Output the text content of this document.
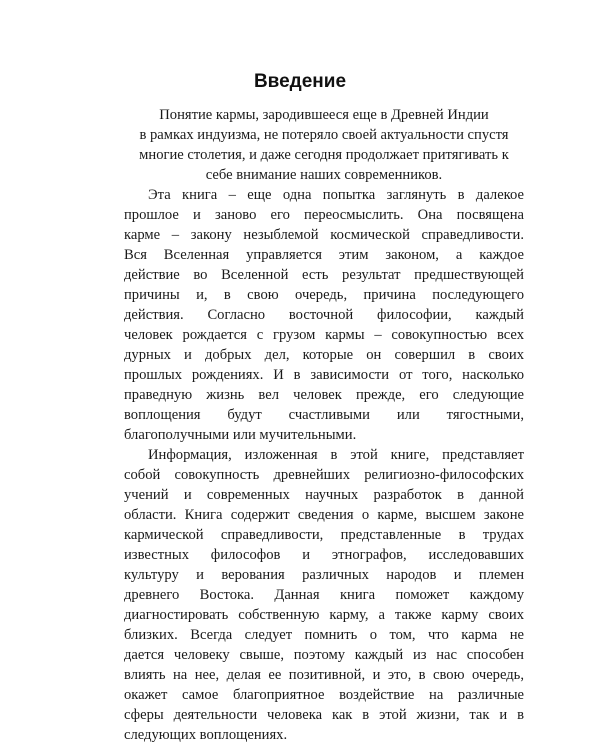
Введение

Понятие кармы, зародившееся еще в Древней Индии
в рамках индуизма, не потеряло своей актуальности спустя
многие столетия, и даже сегодня продолжает притягивать к
себе внимание наших современников.

Эта книга – еще одна попытка заглянуть в далекое
прошлое и заново его переосмыслить. Она посвящена
карме – закону незыблемой космической справедливости.
Вся Вселенная управляется этим законом, а каждое
действие во Вселенной есть результат предшествующей
причины и, в свою очередь, причина последующего
действия. Согласно восточной философии, каждый
человек рождается с грузом кармы – совокупностью всех
дурных и добрых дел, которые он совершил в своих
прошлых рождениях. И в зависимости от того, насколько
праведную жизнь вел человек прежде, его следующие
воплощения будут счастливыми или тягостными,
благополучными или мучительными.

Информация, изложенная в этой книге, представляет
собой совокупность древнейших религиозно-философских
учений и современных научных разработок в данной
области. Книга содержит сведения о карме, высшем законе
кармической справедливости, представленные в трудах
известных философов и этнографов, исследовавших
культуру и верования различных народов и племен
древнего Востока. Данная книга поможет каждому
диагностировать собственную карму, а также карму своих
близких. Всегда следует помнить о том, что карма не
дается человеку свыше, поэтому каждый из нас способен
влиять на нее, делая ее позитивной, и это, в свою очередь,
окажет самое благоприятное воздействие на различные
сферы деятельности человека как в этой жизни, так и в
следующих воплощениях.
